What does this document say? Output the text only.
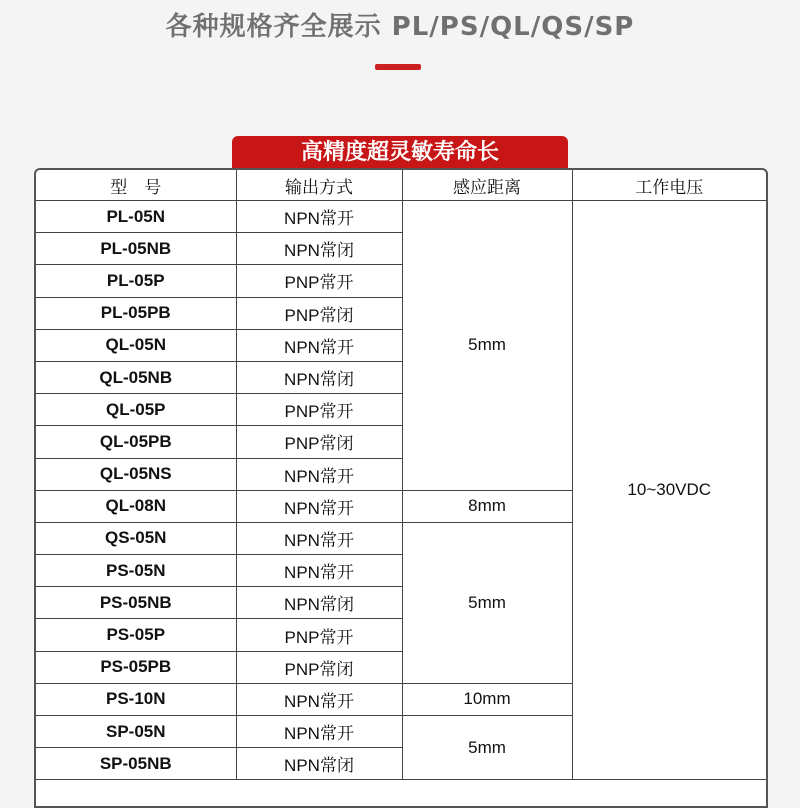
各种规格齐全展示 PL/PS/QL/QS/SP
高精度超灵敏寿命长
型　号	输出方式	感应距离	工作电压
PL-05N	NPN常开	5mm	10~30VDC
PL-05NB	NPN常闭		
PL-05P	PNP常开		
PL-05PB	PNP常闭		
QL-05N	NPN常开		
QL-05NB	NPN常闭		
QL-05P	PNP常开		
QL-05PB	PNP常闭		
QL-05NS	NPN常开		
QL-08N	NPN常开	8mm	
QS-05N	NPN常开	5mm	
PS-05N	NPN常开		
PS-05NB	NPN常闭		
PS-05P	PNP常开		
PS-05PB	PNP常闭		
PS-10N	NPN常开	10mm	
SP-05N	NPN常开	5mm	
SP-05NB	NPN常闭		
